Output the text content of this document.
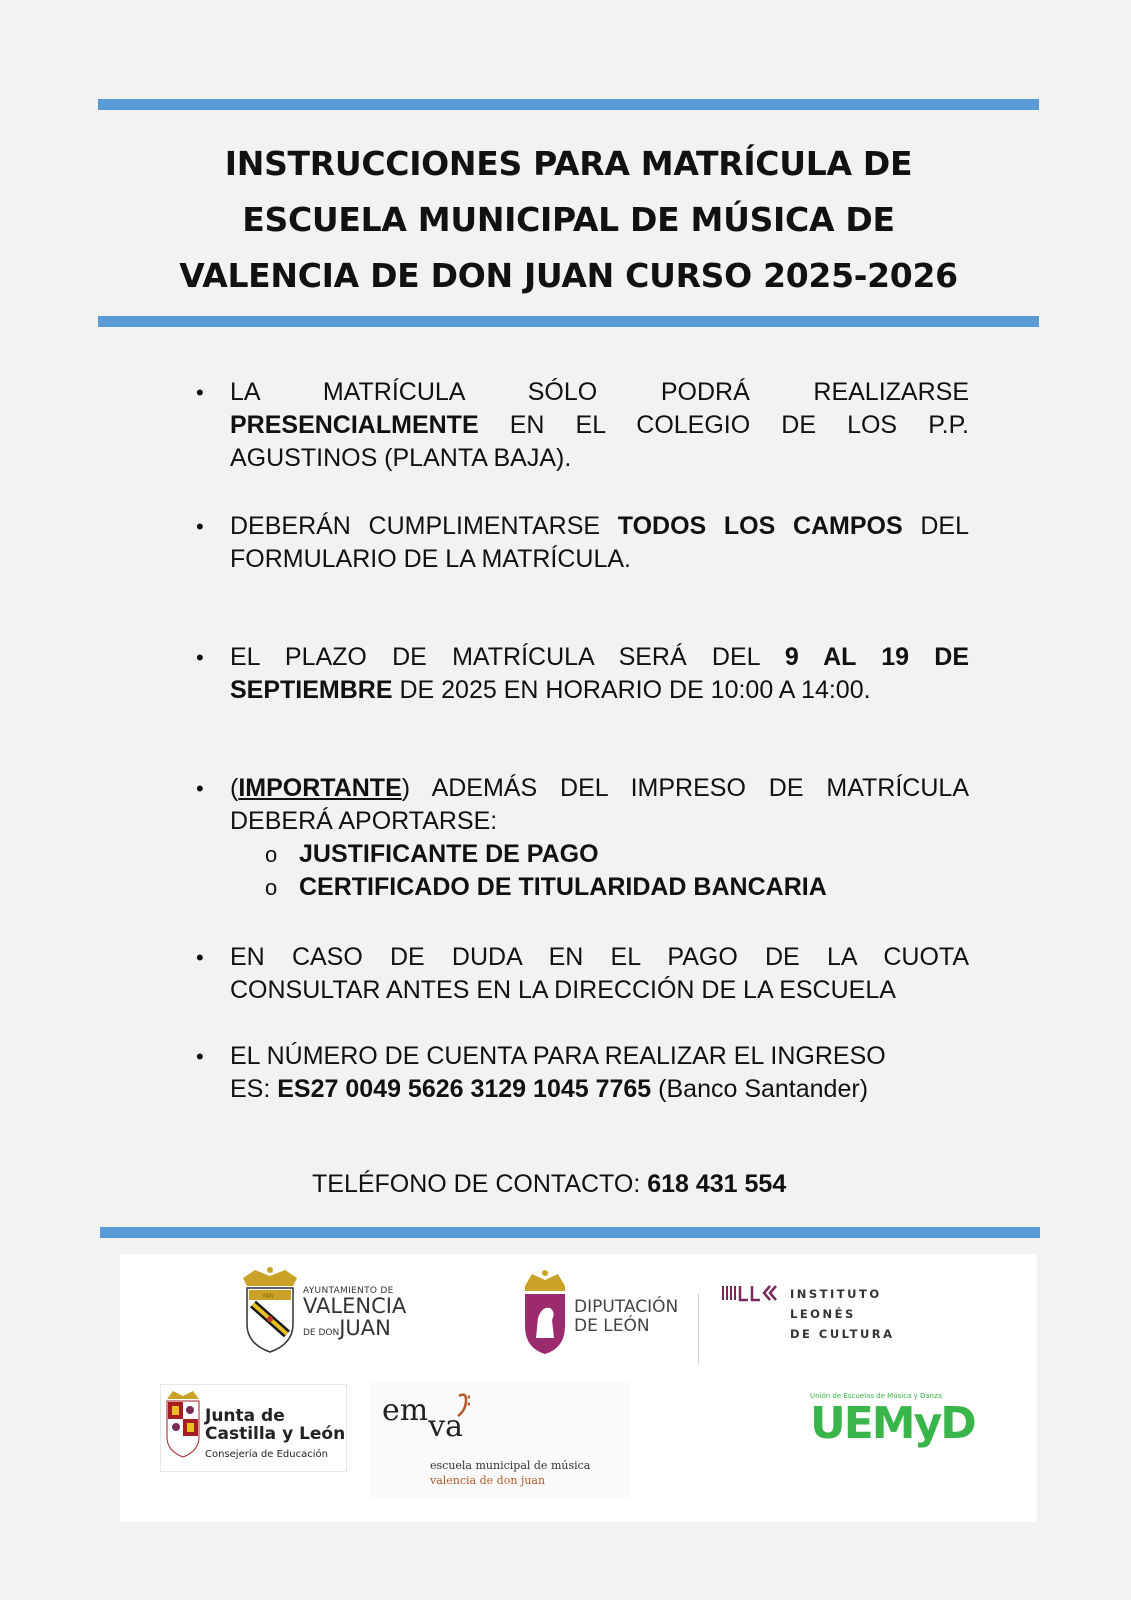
INSTRUCCIONES PARA MATRÍCULA DE
ESCUELA MUNICIPAL DE MÚSICA DE
VALENCIA DE DON JUAN CURSO 2025-2026
• LA MATRÍCULA SÓLO PODRÁ REALIZARSE
PRESENCIALMENTE EN EL COLEGIO DE LOS P.P.
AGUSTINOS (PLANTA BAJA).
• DEBERÁN CUMPLIMENTARSE TODOS LOS CAMPOS DEL
FORMULARIO DE LA MATRÍCULA.
• EL PLAZO DE MATRÍCULA SERÁ DEL 9 AL 19 DE
SEPTIEMBRE DE 2025 EN HORARIO DE 10:00 A 14:00.
• (IMPORTANTE) ADEMÁS DEL IMPRESO DE MATRÍCULA
DEBERÁ APORTARSE:
o JUSTIFICANTE DE PAGO
o CERTIFICADO DE TITULARIDAD BANCARIA
• EN CASO DE DUDA EN EL PAGO DE LA CUOTA
CONSULTAR ANTES EN LA DIRECCIÓN DE LA ESCUELA
• EL NÚMERO DE CUENTA PARA REALIZAR EL INGRESO
ES: ES27 0049 5626 3129 1045 7765 (Banco Santander)
TELÉFONO DE CONTACTO: 618 431 554
YAN
AYUNTAMIENTO DE
VALENCIA
DE DONJUAN
DIPUTACIÓN
DE LEÓN
INSTITUTO
LEONÉS
DE CULTURA
Junta de
Castilla y León
Consejería de Educación
emva
escuela municipal de música
valencia de don juan
Unión de Escuelas de Música y Danza
UEMyD
